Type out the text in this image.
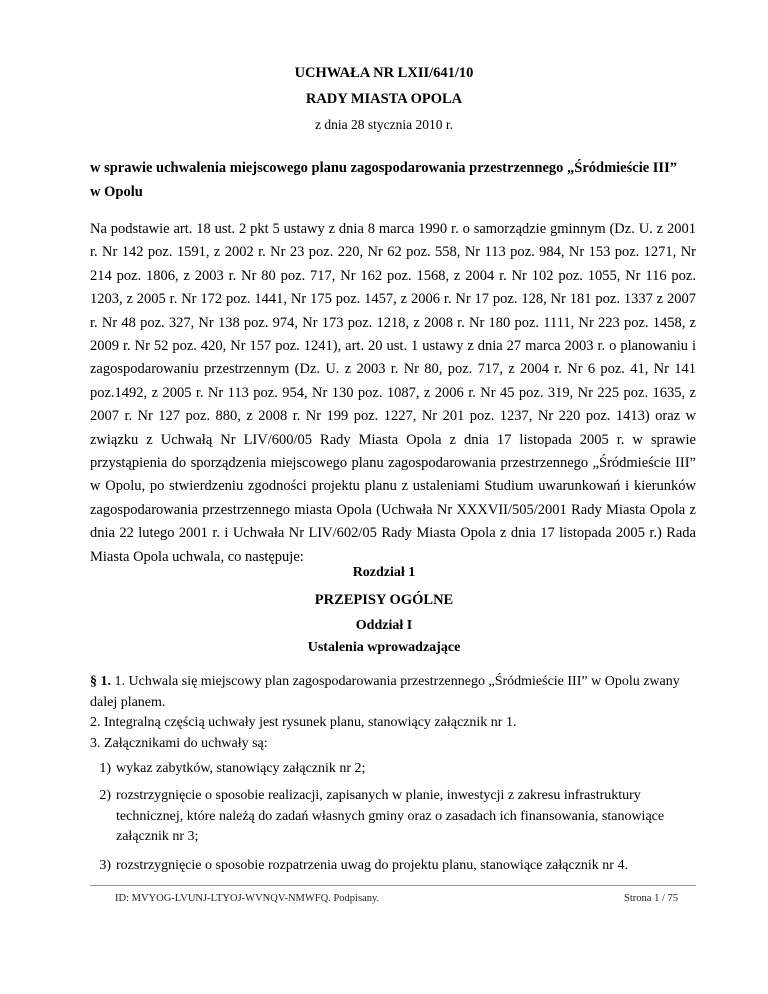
UCHWAŁA NR LXII/641/10
RADY MIASTA OPOLA
z dnia 28 stycznia 2010 r.
w sprawie uchwalenia miejscowego planu zagospodarowania przestrzennego „Śródmieście III” w Opolu

Na podstawie art. 18 ust. 2 pkt 5 ustawy z dnia 8 marca 1990 r. o samorządzie gminnym (Dz. U. z 2001 r. Nr 142 poz. 1591, z 2002 r. Nr 23 poz. 220, Nr 62 poz. 558, Nr 113 poz. 984, Nr 153 poz. 1271, Nr 214 poz. 1806, z 2003 r. Nr 80 poz. 717, Nr 162 poz. 1568, z 2004 r. Nr 102 poz. 1055, Nr 116 poz. 1203, z 2005 r. Nr 172 poz. 1441, Nr 175 poz. 1457, z 2006 r. Nr 17 poz. 128, Nr 181 poz. 1337 z 2007 r. Nr 48 poz. 327, Nr 138 poz. 974, Nr 173 poz. 1218, z 2008 r. Nr 180 poz. 1111, Nr 223 poz. 1458, z 2009 r. Nr 52 poz. 420, Nr 157 poz. 1241), art. 20 ust. 1 ustawy z dnia 27 marca 2003 r. o planowaniu i zagospodarowaniu przestrzennym (Dz. U. z 2003 r. Nr 80, poz. 717, z 2004 r. Nr 6 poz. 41, Nr 141 poz.1492, z 2005 r. Nr 113 poz. 954, Nr 130 poz. 1087, z 2006 r. Nr 45 poz. 319, Nr 225 poz. 1635, z 2007 r. Nr 127 poz. 880, z 2008 r. Nr 199 poz. 1227, Nr 201 poz. 1237, Nr 220 poz. 1413) oraz w związku z Uchwałą Nr LIV/600/05 Rady Miasta Opola z dnia 17 listopada 2005 r. w sprawie przystąpienia do sporządzenia miejscowego planu zagospodarowania przestrzennego „Śródmieście III” w Opolu, po stwierdzeniu zgodności projektu planu z ustaleniami Studium uwarunkowań i kierunków zagospodarowania przestrzennego miasta Opola (Uchwała Nr XXXVII/505/2001 Rady Miasta Opola z dnia 22 lutego 2001 r. i Uchwała Nr LIV/602/05 Rady Miasta Opola z dnia 17 listopada 2005 r.) Rada Miasta Opola uchwala, co następuje:

Rozdział 1
PRZEPISY OGÓLNE
Oddział I
Ustalenia wprowadzające

§ 1. 1. Uchwala się miejscowy plan zagospodarowania przestrzennego „Śródmieście III” w Opolu zwany dalej planem.

2. Integralną częścią uchwały jest rysunek planu, stanowiący załącznik nr 1.

3. Załącznikami do uchwały są:

1) wykaz zabytków, stanowiący załącznik nr 2;
2) rozstrzygnięcie o sposobie realizacji, zapisanych w planie, inwestycji z zakresu infrastruktury technicznej, które należą do zadań własnych gminy oraz o zasadach ich finansowania, stanowiące załącznik nr 3;
3) rozstrzygnięcie o sposobie rozpatrzenia uwag do projektu planu, stanowiące załącznik nr 4.
ID: MVYOG-LVUNJ-LTYOJ-WVNQV-NMWFQ. Podpisany.	Strona 1 / 75
